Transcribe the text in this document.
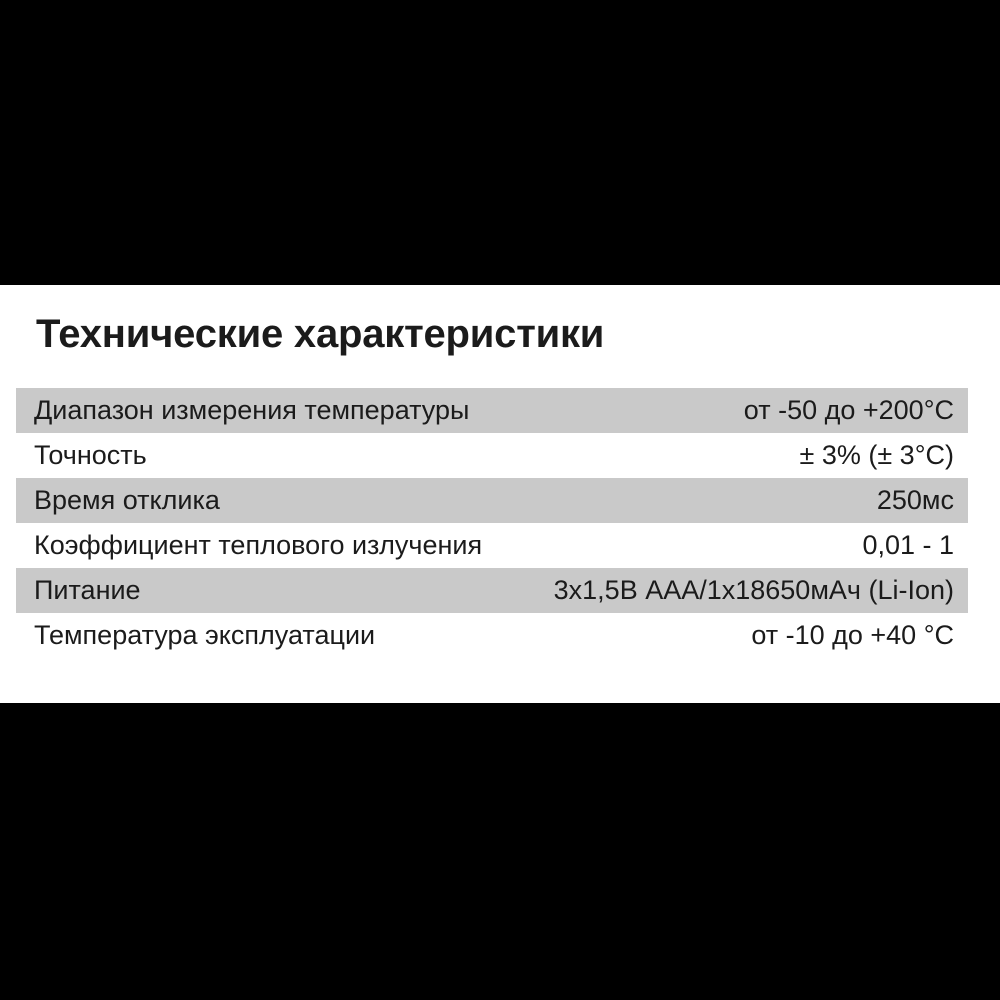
Технические характеристики
Диапазон измерения температуры	от -50 до +200°C
Точность	± 3% (± 3°C)
Время отклика	250мс
Коэффициент теплового излучения	0,01 - 1
Питание	3x1,5В ААА/1x18650мАч (Li-Ion)
Температура эксплуатации	от -10 до +40 °C
